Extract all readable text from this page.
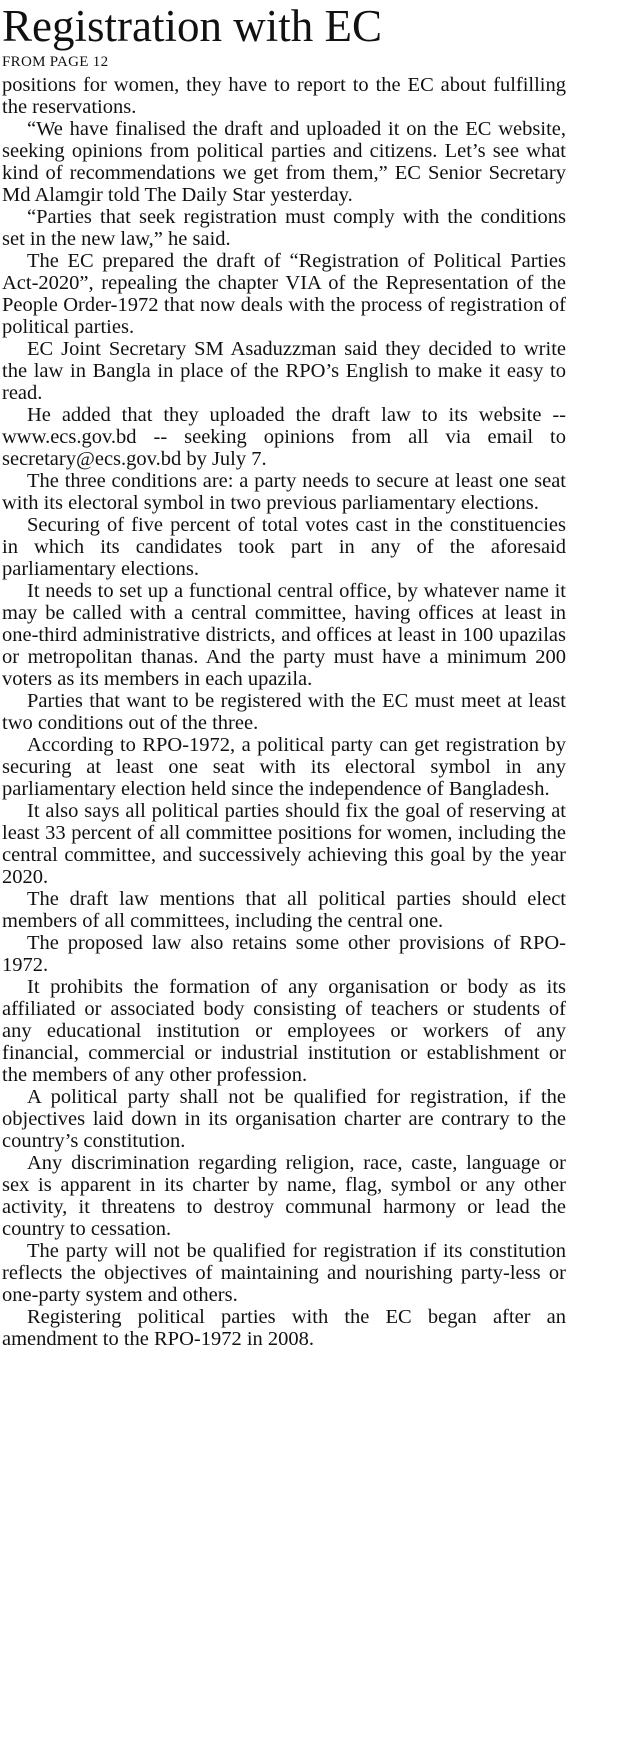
Registration with EC
FROM PAGE 12

positions for women, they have to report to the EC about fulfilling the reservations.

“We have finalised the draft and uploaded it on the EC website, seeking opinions from political parties and citizens. Let’s see what kind of recommendations we get from them,” EC Senior Secretary Md Alamgir told The Daily Star yesterday.

“Parties that seek registration must comply with the conditions set in the new law,” he said.

The EC prepared the draft of “Registration of Political Parties Act-2020”, repealing the chapter VIA of the Representation of the People Order-1972 that now deals with the process of registration of political parties.

EC Joint Secretary SM Asaduzzman said they decided to write the law in Bangla in place of the RPO’s English to make it easy to read.

He added that they uploaded the draft law to its website -- www.ecs.gov.bd -- seeking opinions from all via email to secretary@ecs.gov.bd by July 7.

The three conditions are: a party needs to secure at least one seat with its electoral symbol in two previous parliamentary elections.

Securing of five percent of total votes cast in the constituencies in which its candidates took part in any of the aforesaid parliamentary elections.

It needs to set up a functional central office, by whatever name it may be called with a central committee, having offices at least in one-third administrative districts, and offices at least in 100 upazilas or metropolitan thanas. And the party must have a minimum 200 voters as its members in each upazila.

Parties that want to be registered with the EC must meet at least two conditions out of the three.

According to RPO-1972, a political party can get registration by securing at least one seat with its electoral symbol in any parliamentary election held since the independence of Bangladesh.

It also says all political parties should fix the goal of reserving at least 33 percent of all committee positions for women, including the central committee, and successively achieving this goal by the year 2020.

The draft law mentions that all political parties should elect members of all committees, including the central one.

The proposed law also retains some other provisions of RPO-1972.

It prohibits the formation of any organisation or body as its affiliated or associated body consisting of teachers or students of any educational institution or employees or workers of any financial, commercial or industrial institution or establishment or the members of any other profession.

A political party shall not be qualified for registration, if the objectives laid down in its organisation charter are contrary to the country’s constitution.

Any discrimination regarding religion, race, caste, language or sex is apparent in its charter by name, flag, symbol or any other activity, it threatens to destroy communal harmony or lead the country to cessation.

The party will not be qualified for registration if its constitution reflects the objectives of maintaining and nourishing party-less or one-party system and others.

Registering political parties with the EC began after an amendment to the RPO-1972 in 2008.
